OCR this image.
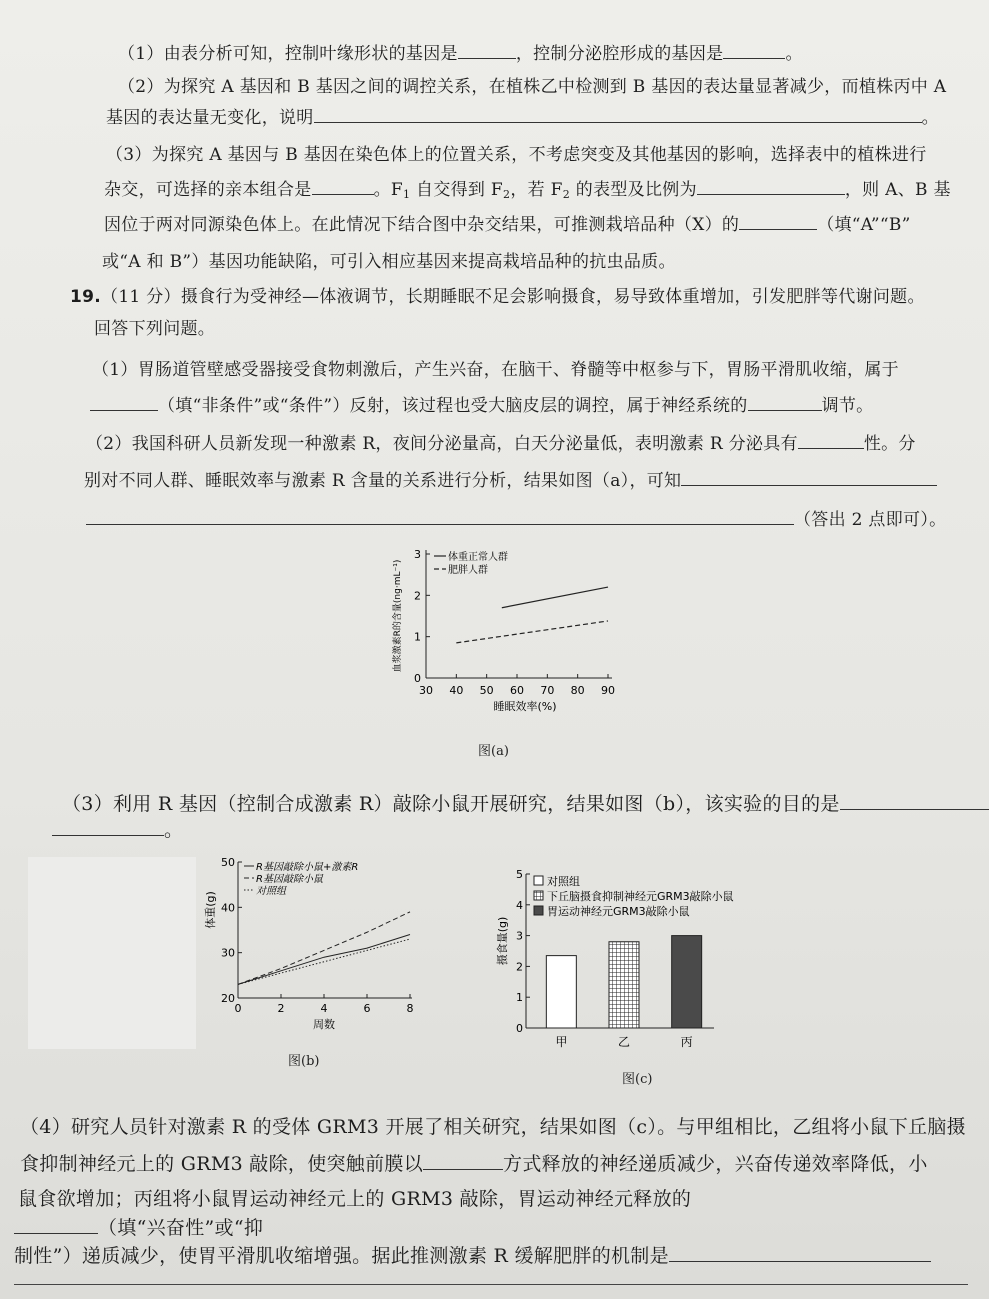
（1）由表分析可知，控制叶缘形状的基因是	，控制分泌腔形成的基因是	。
（2）为探究 A 基因和 B 基因之间的调控关系，在植株乙中检测到 B 基因的表达量显著减少，而植株丙中 A
基因的表达量无变化，说明	。
（3）为探究 A 基因与 B 基因在染色体上的位置关系，不考虑突变及其他基因的影响，选择表中的植株进行
杂交，可选择的亲本组合是	。$F_1$ 自交得到 $F_2$，若 $F_2$ 的表型及比例为	，则 A、B 基
因位于两对同源染色体上。在此情况下结合图中杂交结果，可推测栽培品种（X）的	（填“A”“B”
或“A 和 B”）基因功能缺陷，可引入相应基因来提高栽培品种的抗虫品质。
19.（11 分）摄食行为受神经—体液调节，长期睡眠不足会影响摄食，易导致体重增加，引发肥胖等代谢问题。
回答下列问题。
（1）胃肠道管壁感受器接受食物刺激后，产生兴奋，在脑干、脊髓等中枢参与下，胃肠平滑肌收缩，属于
（填“非条件”或“条件”）反射，该过程也受大脑皮层的调控，属于神经系统的	调节。
（2）我国科研人员新发现一种激素 R，夜间分泌量高，白天分泌量低，表明激素 R 分泌具有	性。分
别对不同人群、睡眠效率与激素 R 含量的关系进行分析，结果如图（a），可知
（答出 2 点即可）。
0
1
2
3
30 40 50 60 70 80 90
睡眠效率(%)
血浆激素R的含量(ng·mL⁻¹)
体重正常人群
肥胖人群
图(a)
（3）利用 R 基因（控制合成激素 R）敲除小鼠开展研究，结果如图（b），该实验的目的是
。
20
30
40
50
0	2	4	6	8
周数
体重(g)
R基因敲除小鼠+激素R
R基因敲除小鼠
对照组
图(b)
0
1
2
3
4
5
摄食量(g)
甲	乙	丙
对照组
下丘脑摄食抑制神经元GRM3敲除小鼠
胃运动神经元GRM3敲除小鼠
图(c)
（4）研究人员针对激素 R 的受体 GRM3 开展了相关研究，结果如图（c）。与甲组相比，乙组将小鼠下丘脑摄
食抑制神经元上的 GRM3 敲除，使突触前膜以	方式释放的神经递质减少，兴奋传递效率降低，小
鼠食欲增加；丙组将小鼠胃运动神经元上的 GRM3 敲除，胃运动神经元释放的
（填“兴奋性”或“抑
制性”）递质减少，使胃平滑肌收缩增强。据此推测激素 R 缓解肥胖的机制是
